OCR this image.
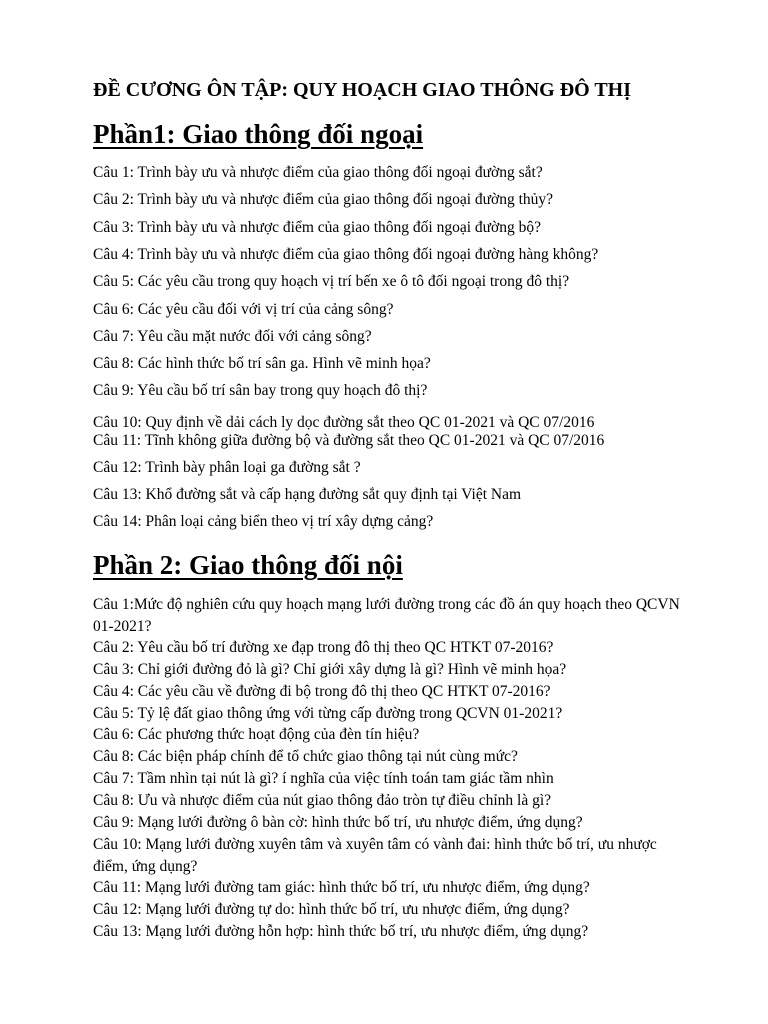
ĐỀ CƯƠNG ÔN TẬP: QUY HOẠCH GIAO THÔNG ĐÔ THỊ
Phần1: Giao thông đối ngoại
Câu 1: Trình bày ưu và nhược điểm của giao thông đối ngoại đường sắt?
Câu 2: Trình bày ưu và nhược điểm của giao thông đối ngoại đường thủy?
Câu 3: Trình bày ưu và nhược điểm của giao thông đối ngoại đường bộ?
Câu 4: Trình bày ưu và nhược điểm của giao thông đối ngoại đường hàng không?
Câu 5: Các yêu cầu trong quy hoạch vị trí bến xe ô tô đối ngoại trong đô thị?
Câu 6: Các yêu cầu đối với vị trí của cảng sông?
Câu 7: Yêu cầu mặt nước đối với cảng sông?
Câu 8: Các hình thức bố trí sân ga. Hình vẽ minh họa?
Câu 9: Yêu cầu bố trí sân bay trong quy hoạch đô thị?
Câu 10: Quy định về dải cách ly dọc đường sắt theo QC 01-2021 và QC 07/2016
Câu 11: Tĩnh không giữa đường bộ và đường sắt theo QC 01-2021 và QC 07/2016
Câu 12: Trình bày phân loại ga đường sắt ?
Câu 13: Khổ đường sắt và cấp hạng đường sắt quy định tại Việt Nam
Câu 14: Phân loại cảng biển theo vị trí xây dựng cảng?
Phần 2: Giao thông đối nội
Câu 1:Mức độ nghiên cứu quy hoạch mạng lưới đường trong các đồ án quy hoạch theo QCVN 01-2021?
Câu 2: Yêu cầu bố trí đường xe đạp trong đô thị theo QC HTKT 07-2016?
Câu 3: Chỉ giới đường đỏ là gì? Chỉ giới xây dựng là gì? Hình vẽ minh họa?
Câu 4: Các yêu cầu về đường đi bộ trong đô thị theo QC HTKT 07-2016?
Câu 5: Tỷ lệ đất giao thông ứng với từng cấp đường trong QCVN 01-2021?
Câu 6: Các phương thức hoạt động của đèn tín hiệu?
Câu 8: Các biện pháp chính để tổ chức giao thông tại nút cùng mức?
Câu 7: Tầm nhìn tại nút là gì? í nghĩa của việc tính toán tam giác tầm nhìn
Câu 8: Ưu và nhược điểm của nút giao thông đảo tròn tự điều chỉnh là gì?
Câu 9: Mạng lưới đường ô bàn cờ: hình thức bố trí, ưu nhược điểm, ứng dụng?
Câu 10: Mạng lưới đường xuyên tâm và xuyên tâm có vành đai: hình thức bố trí, ưu nhược điểm, ứng dụng?
Câu 11: Mạng lưới đường tam giác: hình thức bố trí, ưu nhược điểm, ứng dụng?
Câu 12: Mạng lưới đường tự do: hình thức bố trí, ưu nhược điểm, ứng dụng?
Câu 13: Mạng lưới đường hỗn hợp: hình thức bố trí, ưu nhược điểm, ứng dụng?
